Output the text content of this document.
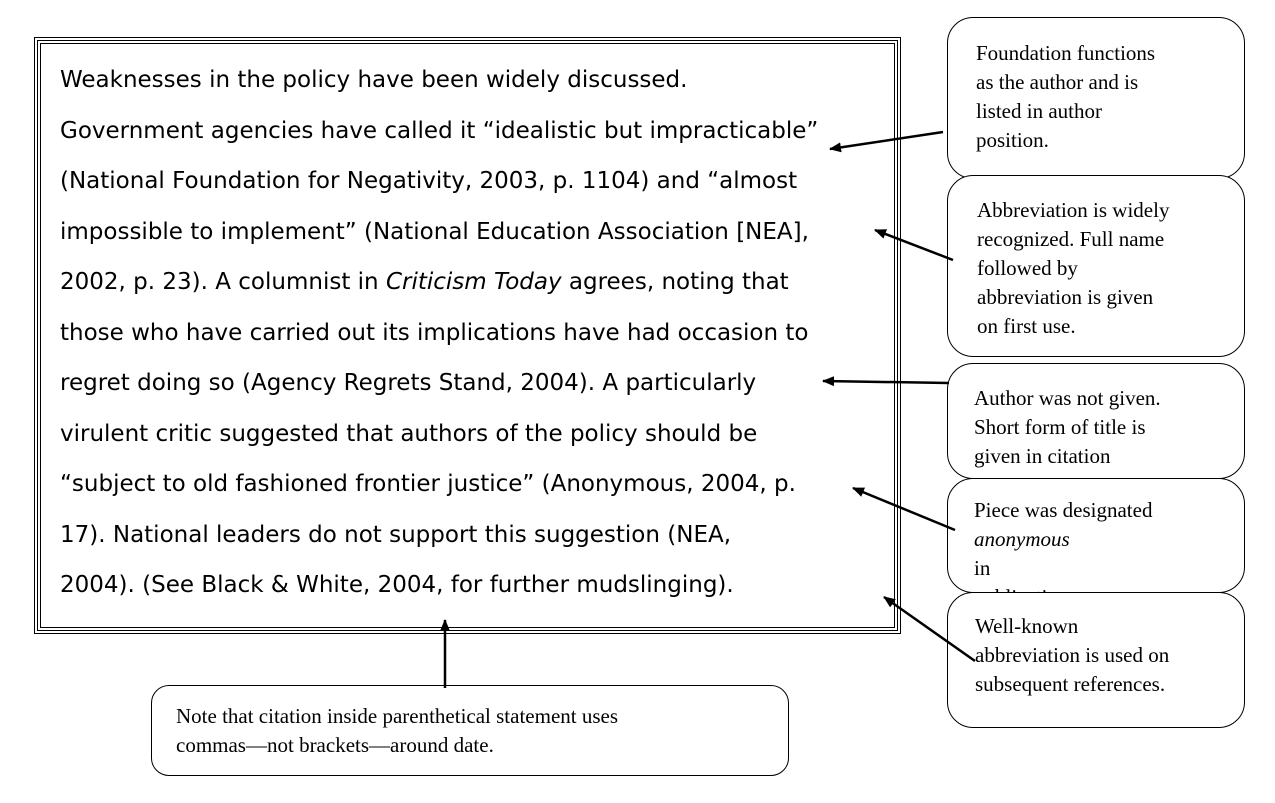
Weaknesses in the policy have been widely discussed.
Government agencies have called it “idealistic but impracticable”
(National Foundation for Negativity, 2003, p. 1104) and “almost
impossible to implement” (National Education Association [NEA],
2002, p. 23). A columnist in Criticism Today agrees, noting that
those who have carried out its implications have had occasion to
regret doing so (Agency Regrets Stand, 2004). A particularly
virulent critic suggested that authors of the policy should be
“subject to old fashioned frontier justice” (Anonymous, 2004, p.
17). National leaders do not support this suggestion (NEA,
2004). (See Black & White, 2004, for further mudslinging).
Foundation functions
as the author and is
listed in author
position.
Abbreviation is widely
recognized. Full name
followed by
abbreviation is given
on first use.
Author was not given.
Short form of title is
given in citation
Piece was designated
anonymous
in
Well-known
abbreviation is used on
subsequent references.
Note that citation inside parenthetical statement uses
commas—not brackets—around date.
